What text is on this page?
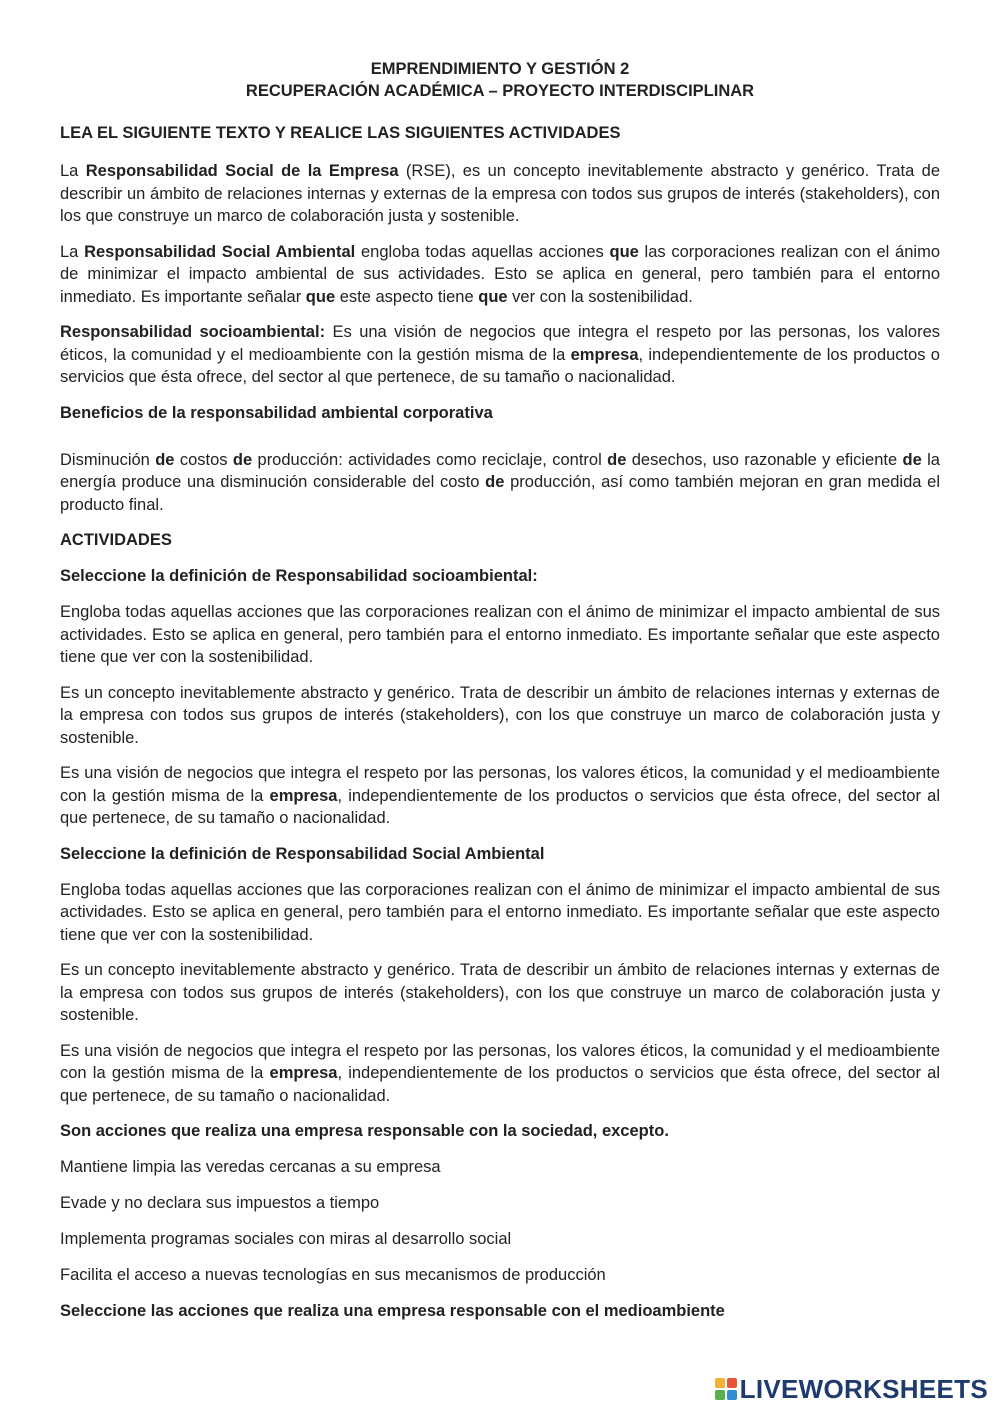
EMPRENDIMIENTO Y GESTIÓN 2

RECUPERACIÓN ACADÉMICA – PROYECTO INTERDISCIPLINAR

LEA EL SIGUIENTE TEXTO Y REALICE LAS SIGUIENTES ACTIVIDADES

La Responsabilidad Social de la Empresa (RSE), es un concepto inevitablemente abstracto y genérico. Trata de describir un ámbito de relaciones internas y externas de la empresa con todos sus grupos de interés (stakeholders), con los que construye un marco de colaboración justa y sostenible.

La Responsabilidad Social Ambiental engloba todas aquellas acciones que las corporaciones realizan con el ánimo de minimizar el impacto ambiental de sus actividades. Esto se aplica en general, pero también para el entorno inmediato. Es importante señalar que este aspecto tiene que ver con la sostenibilidad.

Responsabilidad socioambiental: Es una visión de negocios que integra el respeto por las personas, los valores éticos, la comunidad y el medioambiente con la gestión misma de la empresa, independientemente de los productos o servicios que ésta ofrece, del sector al que pertenece, de su tamaño o nacionalidad.

Beneficios de la responsabilidad ambiental corporativa

Disminución de costos de producción: actividades como reciclaje, control de desechos, uso razonable y eficiente de la energía produce una disminución considerable del costo de producción, así como también mejoran en gran medida el producto final.

ACTIVIDADES

Seleccione la definición de Responsabilidad socioambiental:

Engloba todas aquellas acciones que las corporaciones realizan con el ánimo de minimizar el impacto ambiental de sus actividades. Esto se aplica en general, pero también para el entorno inmediato. Es importante señalar que este aspecto tiene que ver con la sostenibilidad.

Es un concepto inevitablemente abstracto y genérico. Trata de describir un ámbito de relaciones internas y externas de la empresa con todos sus grupos de interés (stakeholders), con los que construye un marco de colaboración justa y sostenible.

Es una visión de negocios que integra el respeto por las personas, los valores éticos, la comunidad y el medioambiente con la gestión misma de la empresa, independientemente de los productos o servicios que ésta ofrece, del sector al que pertenece, de su tamaño o nacionalidad.

Seleccione la definición de Responsabilidad Social Ambiental

Engloba todas aquellas acciones que las corporaciones realizan con el ánimo de minimizar el impacto ambiental de sus actividades. Esto se aplica en general, pero también para el entorno inmediato. Es importante señalar que este aspecto tiene que ver con la sostenibilidad.

Es un concepto inevitablemente abstracto y genérico. Trata de describir un ámbito de relaciones internas y externas de la empresa con todos sus grupos de interés (stakeholders), con los que construye un marco de colaboración justa y sostenible.

Es una visión de negocios que integra el respeto por las personas, los valores éticos, la comunidad y el medioambiente con la gestión misma de la empresa, independientemente de los productos o servicios que ésta ofrece, del sector al que pertenece, de su tamaño o nacionalidad.

Son acciones que realiza una empresa responsable con la sociedad, excepto.

Mantiene limpia las veredas cercanas a su empresa

Evade y no declara sus impuestos a tiempo

Implementa programas sociales con miras al desarrollo social

Facilita el acceso a nuevas tecnologías en sus mecanismos de producción

Seleccione las acciones que realiza una empresa responsable con el medioambiente

LIVEWORKSHEETS
